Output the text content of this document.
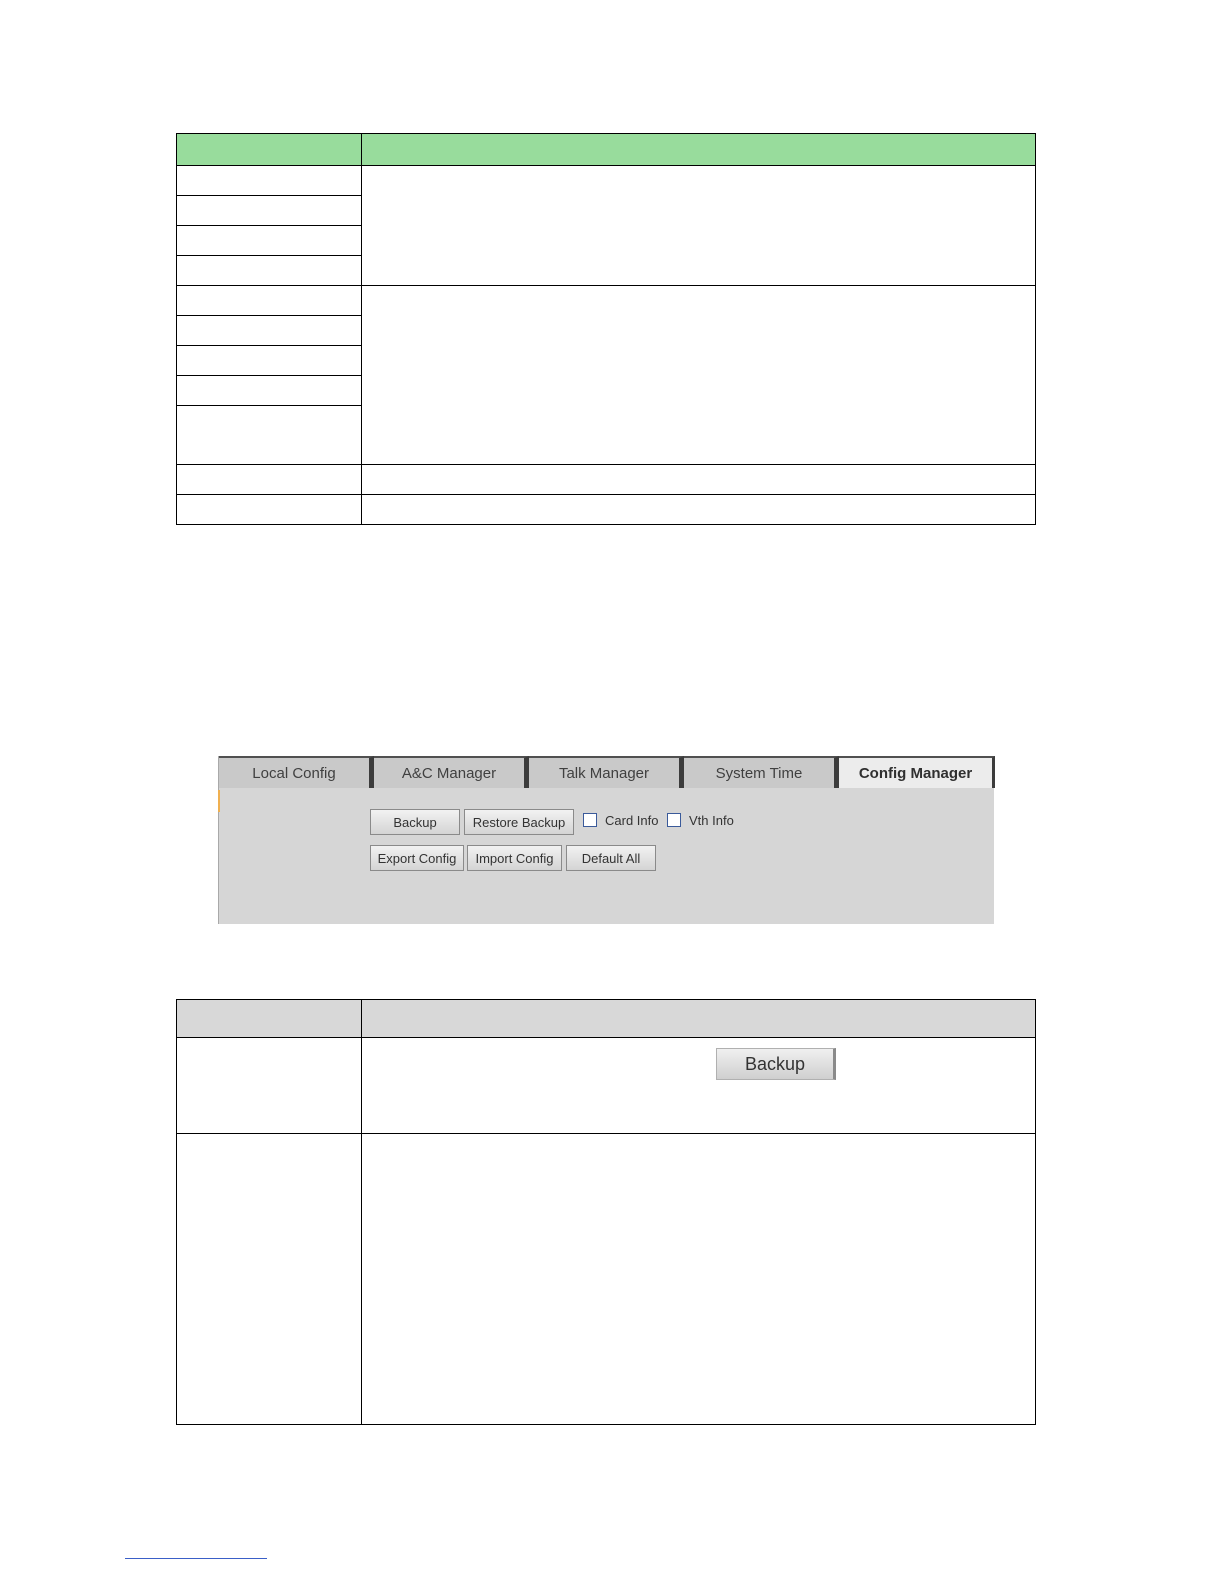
Local Config	A&C Manager	Talk Manager	System Time	Config Manager
Backup	Restore Backup	Card Info Vth Info
Export Config	Import Config	Default All

Backup
